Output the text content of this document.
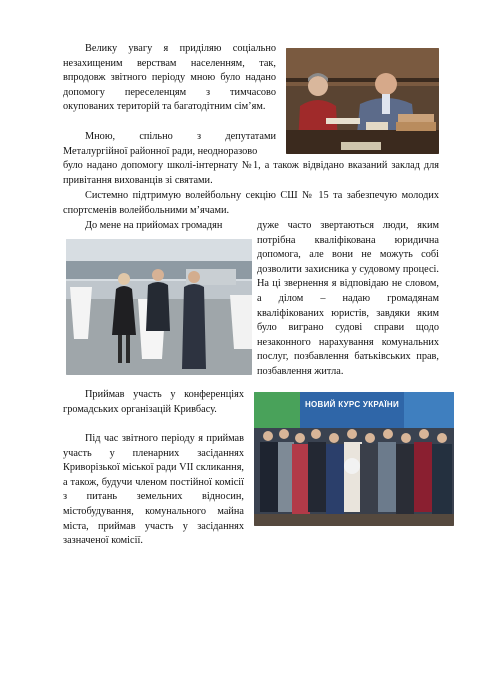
Велику увагу я приділяю соціально незахищеним верствам населенням, так, впродовж звітного періоду мною було надано допомогу переселенцям з тимчасово окупованих територій та багатодітним сім’ям.

Мною, спільно з депутатами Металургійної районної ради, неодноразово

було надано допомогу школі-інтернату №1, а також відвідано вказаний заклад для привітання вихованців зі святами.

Системно підтримую волейбольну секцію СШ № 15 та забезпечую молодих спортсменів волейбольними м’ячами.

До мене на прийомах громадян	дуже часто звертаються люди, яким потрібна кваліфікована юридична допомога, але вони не можуть собі дозволити захисника у судовому процесі. На ці звернення я відповідаю не словом, а ділом – надаю громадянам кваліфікованих юристів, завдяки яким було виграно судові справи щодо незаконного нарахування комунальних послуг, позбавлення батьківських прав, позбавлення житла.

Приймав участь у конференціях громадських організацій Кривбасу.	НОВИЙ КУРС УКРАЇНИ

Під час звітного періоду я приймав участь у пленарних засіданнях Криворізької міської ради VII скликання, а також, будучи членом постійної комісії з питань земельних відносин, містобудування, комунального майна міста, приймав участь у засіданнях зазначеної комісії.
